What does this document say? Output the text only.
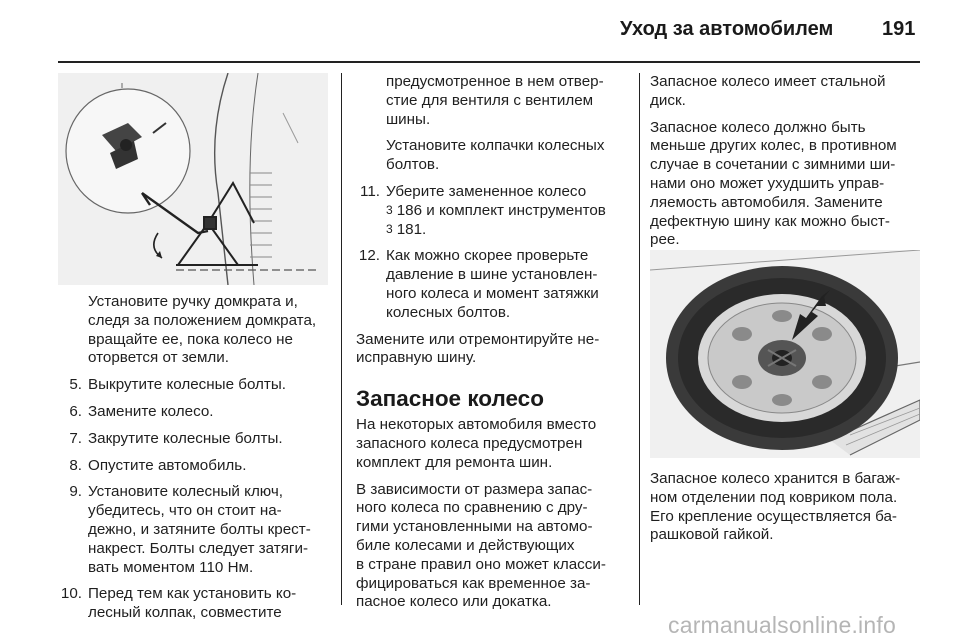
Уход за автомобилем 191
Установите ручку домкрата и,
следя за положением домкрата,
вращайте ее, пока колесо не
оторвется от земли.
5. Выкрутите колесные болты.
6. Замените колесо.
7. Закрутите колесные болты.
8. Опустите автомобиль.
9. Установите колесный ключ,
убедитесь, что он стоит на-
дежно, и затяните болты крест-
накрест. Болты следует затяги-
вать моментом 110 Нм.
10. Перед тем как установить ко-
лесный колпак, совместите
предусмотренное в нем отвер-
стие для вентиля с вентилем
шины.
Установите колпачки колесных
болтов.
11. Уберите замененное колесо
3 186 и комплект инструментов
3 181.
12. Как можно скорее проверьте
давление в шине установлен-
ного колеса и момент затяжки
колесных болтов.

Замените или отремонтируйте не-
исправную шину.

Запасное колесо

На некоторых автомобиля вместо
запасного колеса предусмотрен
комплект для ремонта шин.

В зависимости от размера запас-
ного колеса по сравнению с дру-
гими установленными на автомо-
биле колесами и действующих
в стране правил оно может класси-
фицироваться как временное за-
пасное колесо или докатка.

Запасное колесо имеет стальной
диск.

Запасное колесо должно быть
меньше других колес, в противном
случае в сочетании с зимними ши-
нами оно может ухудшить управ-
ляемость автомобиля. Замените
дефектную шину как можно быст-
рее.

Запасное колесо хранится в багаж-
ном отделении под ковриком пола.
Его крепление осуществляется ба-
рашковой гайкой.

carmanualsonline.info
